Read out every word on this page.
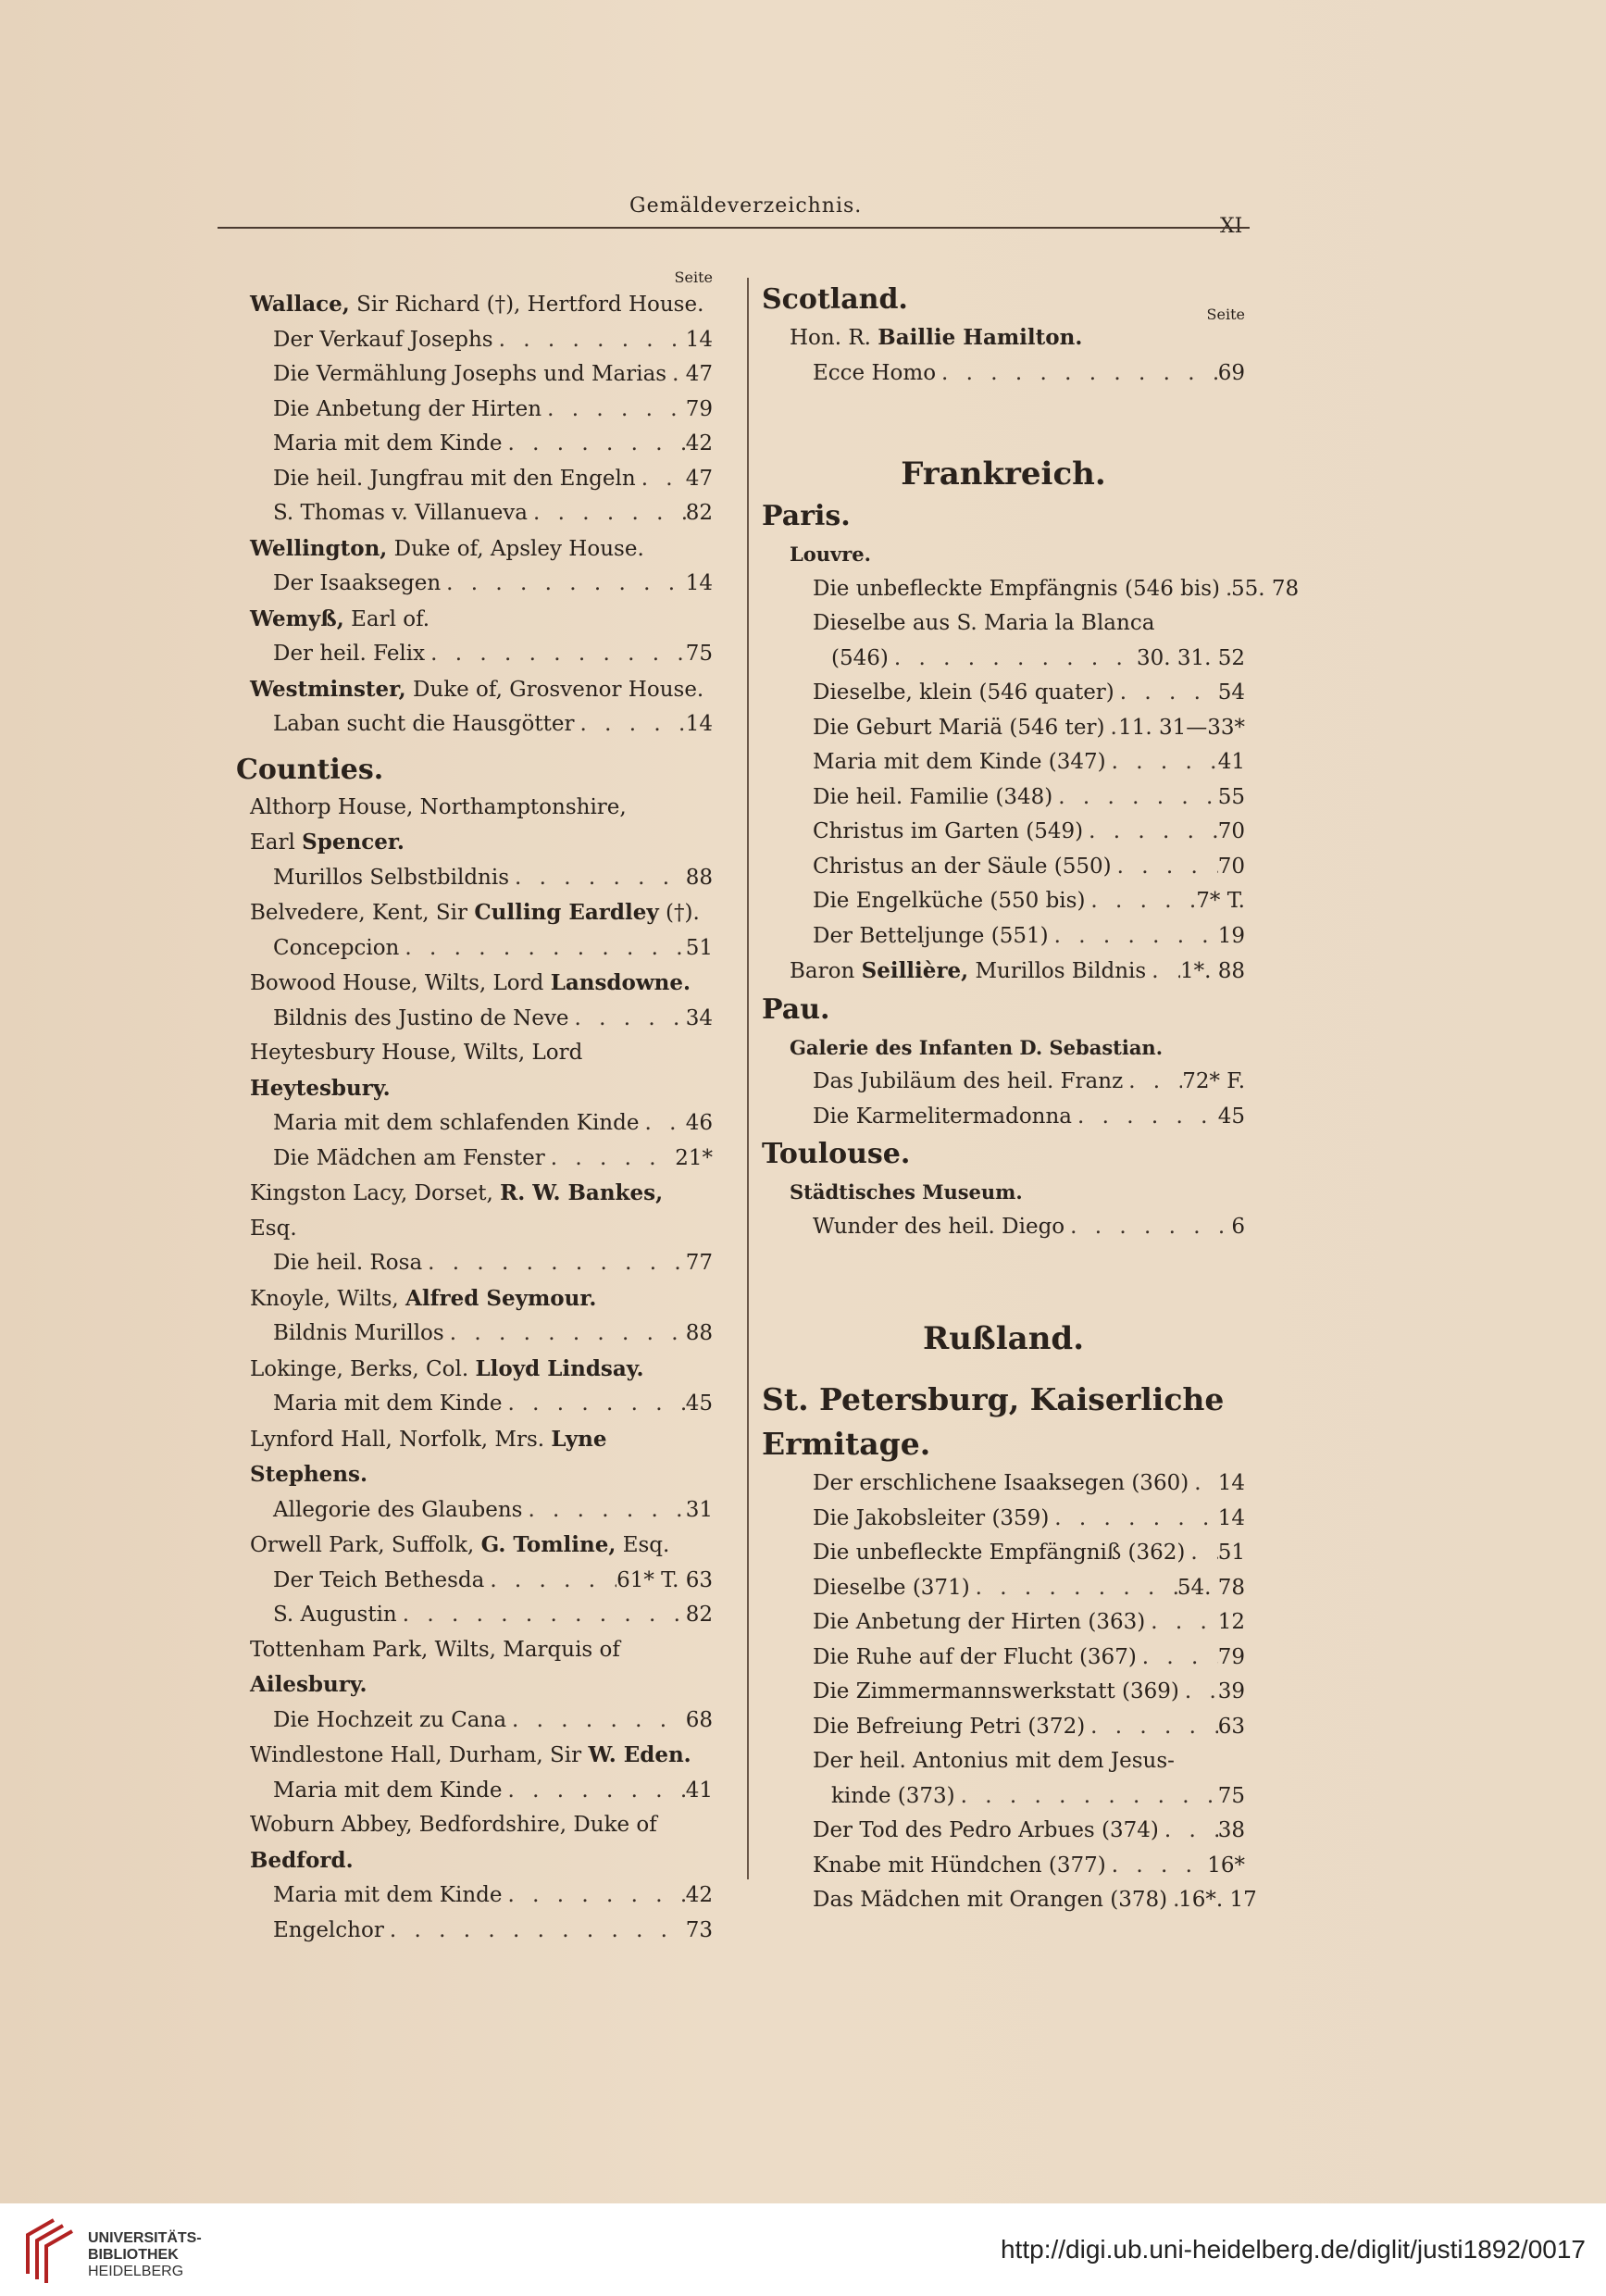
Gemäldeverzeichnis.
XI
Seite
Wallace, Sir Richard (†), Hertford House.
Der Verkauf Josephs . . .	14
Die Vermählung Josephs und Marias . . . 47
Die Anbetung der Hirten . . .	79
Maria mit dem Kinde . . .	42
Die heil. Jungfrau mit den Engeln . . . 47
S. Thomas v. Villanueva . . .	82
Wellington, Duke of, Apsley House.
Der Isaaksegen . . .	14
Wemyß, Earl of.
Der heil. Felix . . .	75
Westminster, Duke of, Grosvenor House.
Laban sucht die Hausgötter . . .	14
Counties.
Althorp House, Northamptonshire,
Earl Spencer.
Murillos Selbstbildnis . . .	88
Belvedere, Kent, Sir Culling Eardley (†).
Concepcion . . .	51
Bowood House, Wilts, Lord Lansdowne.
Bildnis des Justino de Neve . . .	34
Heytesbury House, Wilts, Lord Heytesbury.
Maria mit dem schlafenden Kinde . . . 46
Die Mädchen am Fenster . . .	21*
Kingston Lacy, Dorset, R. W. Bankes, Esq.
Die heil. Rosa . . .	77
Knoyle, Wilts, Alfred Seymour.
Bildnis Murillos . . .	88
Lokinge, Berks, Col. Lloyd Lindsay.
Maria mit dem Kinde . . .	45
Lynford Hall, Norfolk, Mrs. Lyne Stephens.
Allegorie des Glaubens . . .	31
Orwell Park, Suffolk, G. Tomline, Esq.
Der Teich Bethesda . . .	61* T. 63
S. Augustin . . .	82
Tottenham Park, Wilts, Marquis of
Ailesbury.
Die Hochzeit zu Cana . . .	68
Windlestone Hall, Durham, Sir W. Eden.
Maria mit dem Kinde . . .	41
Woburn Abbey, Bedfordshire, Duke of
Bedford.
Maria mit dem Kinde . . .	42
Engelchor . . .	73
Scotland.	Seite
Hon. R. Baillie Hamilton.
Ecce Homo . . .	69
Frankreich.
Paris.
Louvre.
Die unbefleckte Empfängnis (546 bis) . . . 55. 78
Dieselbe aus S. Maria la Blanca
(546) . . .	30. 31. 52
Dieselbe, klein (546 quater) . . .	54
Die Geburt Mariä (546 ter) . . . 11. 31—33*
Maria mit dem Kinde (347) . . .	41
Die heil. Familie (348) . . .	55
Christus im Garten (549) . . .	70
Christus an der Säule (550) . . .	70
Die Engelküche (550 bis) . . .	7* T.
Der Betteljunge (551) . . .	19
Baron Seillière, Murillos Bildnis . . . 1*. 88
Pau.
Galerie des Infanten D. Sebastian.
Das Jubiläum des heil. Franz . . .	72* F.
Die Karmelitermadonna . . .	45
Toulouse.
Städtisches Museum.
Wunder des heil. Diego . . .	6
Rußland.
St. Petersburg, Kaiserliche Ermitage.
Der erschlichene Isaaksegen (360) . . . 14
Die Jakobsleiter (359) . . .	14
Die unbefleckte Empfängniß (362) . . . 51
Dieselbe (371) . . .	54. 78
Die Anbetung der Hirten (363) . . .	12
Die Ruhe auf der Flucht (367) . . .	79
Die Zimmermannswerkstatt (369) . . . 39
Die Befreiung Petri (372) . . .	63
Der heil. Antonius mit dem Jesus-
kinde (373) . . .	75
Der Tod des Pedro Arbues (374) . . .	38
Knabe mit Hündchen (377) . . .	16*
Das Mädchen mit Orangen (378) . . . 16*. 17
UNIVERSITÄTS-
BIBLIOTHEK
HEIDELBERG
http://digi.ub.uni-heidelberg.de/diglit/justi1892/0017
